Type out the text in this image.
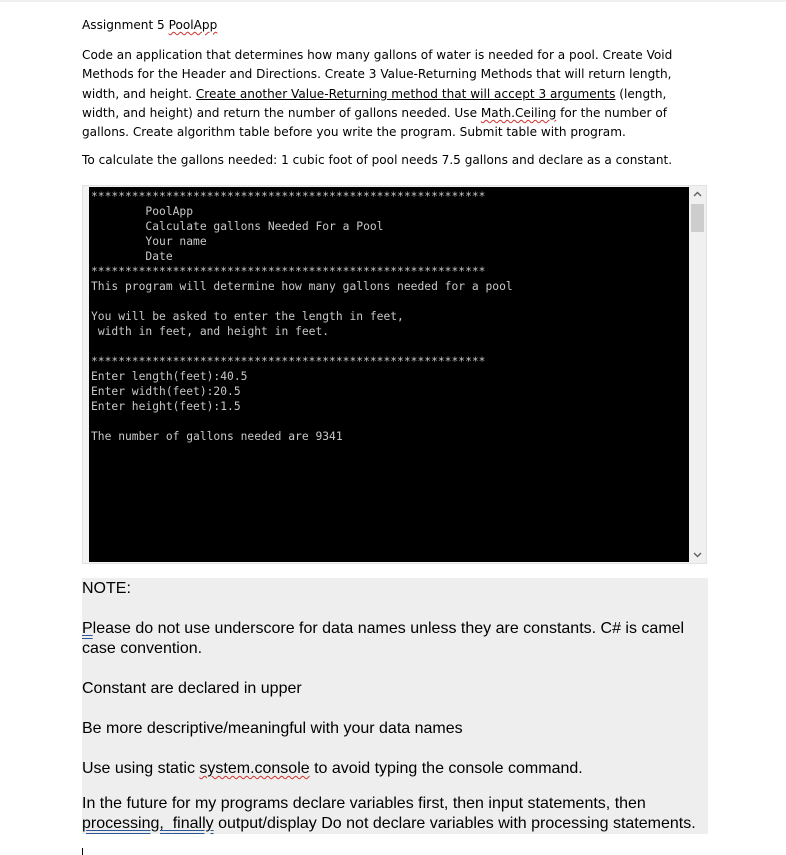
Assignment 5 PoolApp

Code an application that determines how many gallons of water is needed for a pool. Create Void Methods for the Header and Directions. Create 3 Value-Returning Methods that will return length, width, and height. Create another Value-Returning method that will accept 3 arguments (length, width, and height) and return the number of gallons needed. Use Math.Ceiling for the number of gallons. Create algorithm table before you write the program. Submit table with program.

To calculate the gallons needed: 1 cubic foot of pool needs 7.5 gallons and declare as a constant.

**********************************************************
PoolApp
Calculate gallons Needed For a Pool
Your name
Date
**********************************************************
This program will determine how many gallons needed for a pool

You will be asked to enter the length in feet,
width in feet, and height in feet.

**********************************************************
Enter length(feet):40.5
Enter width(feet):20.5
Enter height(feet):1.5

The number of gallons needed are 9341

NOTE:

Please do not use underscore for data names unless they are constants. C# is camel case convention.

Constant are declared in upper

Be more descriptive/meaningful with your data names

Use using static system.console to avoid typing the console command.

In the future for my programs declare variables first, then input statements, then processing, finally output/display Do not declare variables with processing statements.
